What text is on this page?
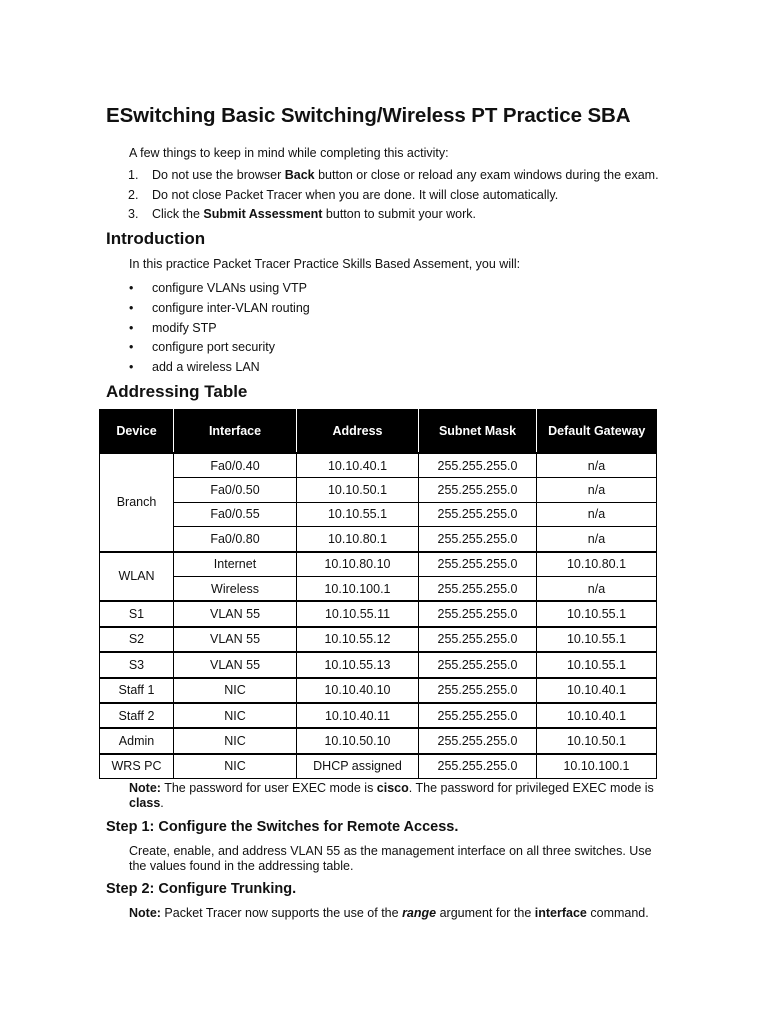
ESwitching Basic Switching/Wireless PT Practice SBA
A few things to keep in mind while completing this activity:
1. Do not use the browser Back button or close or reload any exam windows during the exam.
2. Do not close Packet Tracer when you are done. It will close automatically.
3. Click the Submit Assessment button to submit your work.
Introduction

In this practice Packet Tracer Practice Skills Based Assement, you will:

• configure VLANs using VTP
• configure inter-VLAN routing
• modify STP
• configure port security
• add a wireless LAN
Addressing Table
Device	Interface	Address	Subnet Mask	Default Gateway
Branch	Fa0/0.40	10.10.40.1	255.255.255.0	n/a
	Fa0/0.50	10.10.50.1	255.255.255.0	n/a
	Fa0/0.55	10.10.55.1	255.255.255.0	n/a
	Fa0/0.80	10.10.80.1	255.255.255.0	n/a
WLAN	Internet	10.10.80.10	255.255.255.0	10.10.80.1
	Wireless	10.10.100.1	255.255.255.0	n/a
S1	VLAN 55	10.10.55.11	255.255.255.0	10.10.55.1
S2	VLAN 55	10.10.55.12	255.255.255.0	10.10.55.1
S3	VLAN 55	10.10.55.13	255.255.255.0	10.10.55.1
Staff 1	NIC	10.10.40.10	255.255.255.0	10.10.40.1
Staff 2	NIC	10.10.40.11	255.255.255.0	10.10.40.1
Admin	NIC	10.10.50.10	255.255.255.0	10.10.50.1
WRS PC	NIC	DHCP assigned	255.255.255.0	10.10.100.1

Note: The password for user EXEC mode is cisco. The password for privileged EXEC mode is class.

Step 1: Configure the Switches for Remote Access.

Create, enable, and address VLAN 55 as the management interface on all three switches. Use the values found in the addressing table.

Step 2: Configure Trunking.

Note: Packet Tracer now supports the use of the range argument for the interface command.
